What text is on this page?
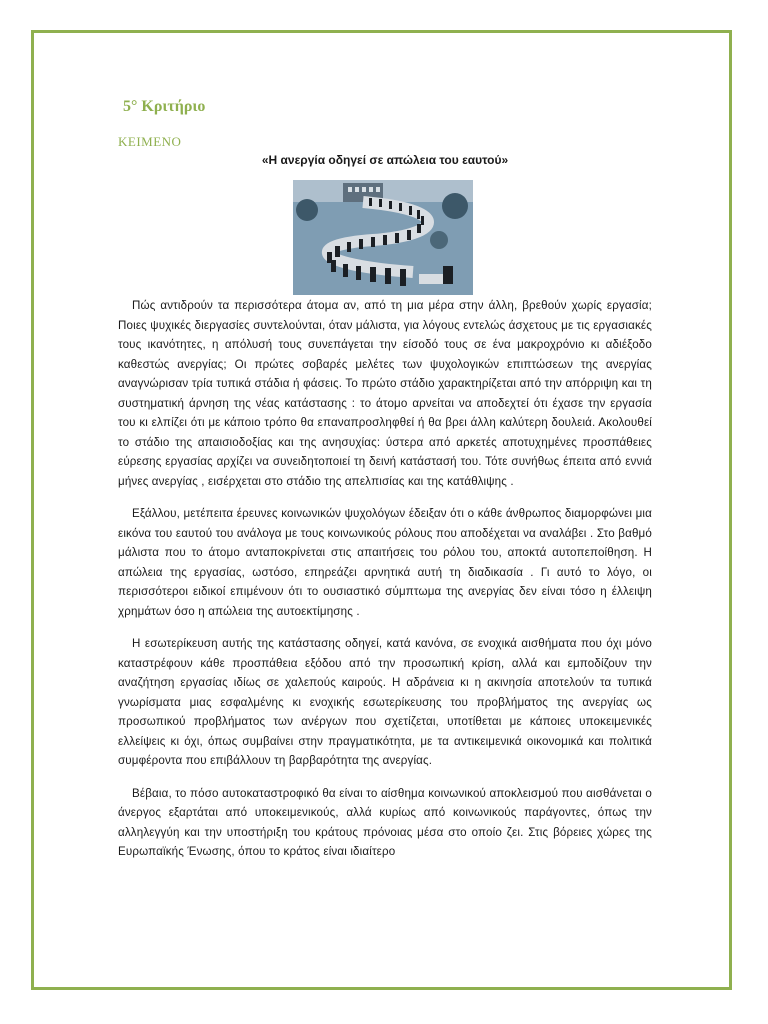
5° Κριτήριο
ΚΕΙΜΕΝΟ
«Η ανεργία οδηγεί σε απώλεια του εαυτού»

Πώς αντιδρούν τα περισσότερα άτομα αν, από τη μια μέρα στην άλλη, βρεθούν χωρίς εργασία; Ποιες ψυχικές διεργασίες συντελούνται, όταν μάλιστα, για λόγους εντελώς άσχετους με τις εργασιακές τους ικανότητες, η απόλυσή τους συνεπάγεται την είσοδό τους σε ένα μακροχρόνιο κι αδιέξοδο καθεστώς ανεργίας; Οι πρώτες σοβαρές μελέτες των ψυχολογικών επιπτώσεων της ανεργίας αναγνώρισαν τρία τυπικά στάδια ή φάσεις. Το πρώτο στάδιο χαρακτηρίζεται από την απόρριψη και τη συστηματική άρνηση της νέας κατάστασης : το άτομο αρνείται να αποδεχτεί ότι έχασε την εργασία του κι ελπίζει ότι με κάποιο τρόπο θα επαναπροσληφθεί ή θα βρει άλλη καλύτερη δουλειά. Ακολουθεί το στάδιο της απαισιοδοξίας και της ανησυχίας: ύστερα από αρκετές αποτυχημένες προσπάθειες εύρεσης εργασίας αρχίζει να συνειδητοποιεί τη δεινή κατάστασή του. Τότε συνήθως έπειτα από εννιά μήνες ανεργίας , εισέρχεται στο στάδιο της απελπισίας και της κατάθλιψης .

Εξάλλου, μετέπειτα έρευνες κοινωνικών ψυχολόγων έδειξαν ότι ο κάθε άνθρωπος διαμορφώνει μια εικόνα του εαυτού του ανάλογα με τους κοινωνικούς ρόλους που αποδέχεται να αναλάβει . Στο βαθμό μάλιστα που το άτομο ανταποκρίνεται στις απαιτήσεις του ρόλου του, αποκτά αυτοπεποίθηση. Η απώλεια της εργασίας, ωστόσο, επηρεάζει αρνητικά αυτή τη διαδικασία . Γι αυτό το λόγο, οι περισσότεροι ειδικοί επιμένουν ότι το ουσιαστικό σύμπτωμα της ανεργίας δεν είναι τόσο η έλλειψη χρημάτων όσο η απώλεια της αυτοεκτίμησης .

Η εσωτερίκευση αυτής της κατάστασης οδηγεί, κατά κανόνα, σε ενοχικά αισθήματα που όχι μόνο καταστρέφουν κάθε προσπάθεια εξόδου από την προσωπική κρίση, αλλά και εμποδίζουν την αναζήτηση εργασίας ιδίως σε χαλεπούς καιρούς. Η αδράνεια κι η ακινησία αποτελούν τα τυπικά γνωρίσματα μιας εσφαλμένης κι ενοχικής εσωτερίκευσης του προβλήματος της ανεργίας ως προσωπικού προβλήματος των ανέργων που σχετίζεται, υποτίθεται με κάποιες υποκειμενικές ελλείψεις κι όχι, όπως συμβαίνει στην πραγματικότητα, με τα αντικειμενικά οικονομικά και πολιτικά συμφέροντα που επιβάλλουν τη βαρβαρότητα της ανεργίας.

Βέβαια, το πόσο αυτοκαταστροφικό θα είναι το αίσθημα κοινωνικού αποκλεισμού που αισθάνεται ο άνεργος εξαρτάται από υποκειμενικούς, αλλά κυρίως από κοινωνικούς παράγοντες, όπως την αλληλεγγύη και την υποστήριξη του κράτους πρόνοιας μέσα στο οποίο ζει. Στις βόρειες χώρες της Ευρωπαϊκής Ένωσης, όπου το κράτος είναι ιδιαίτερο
